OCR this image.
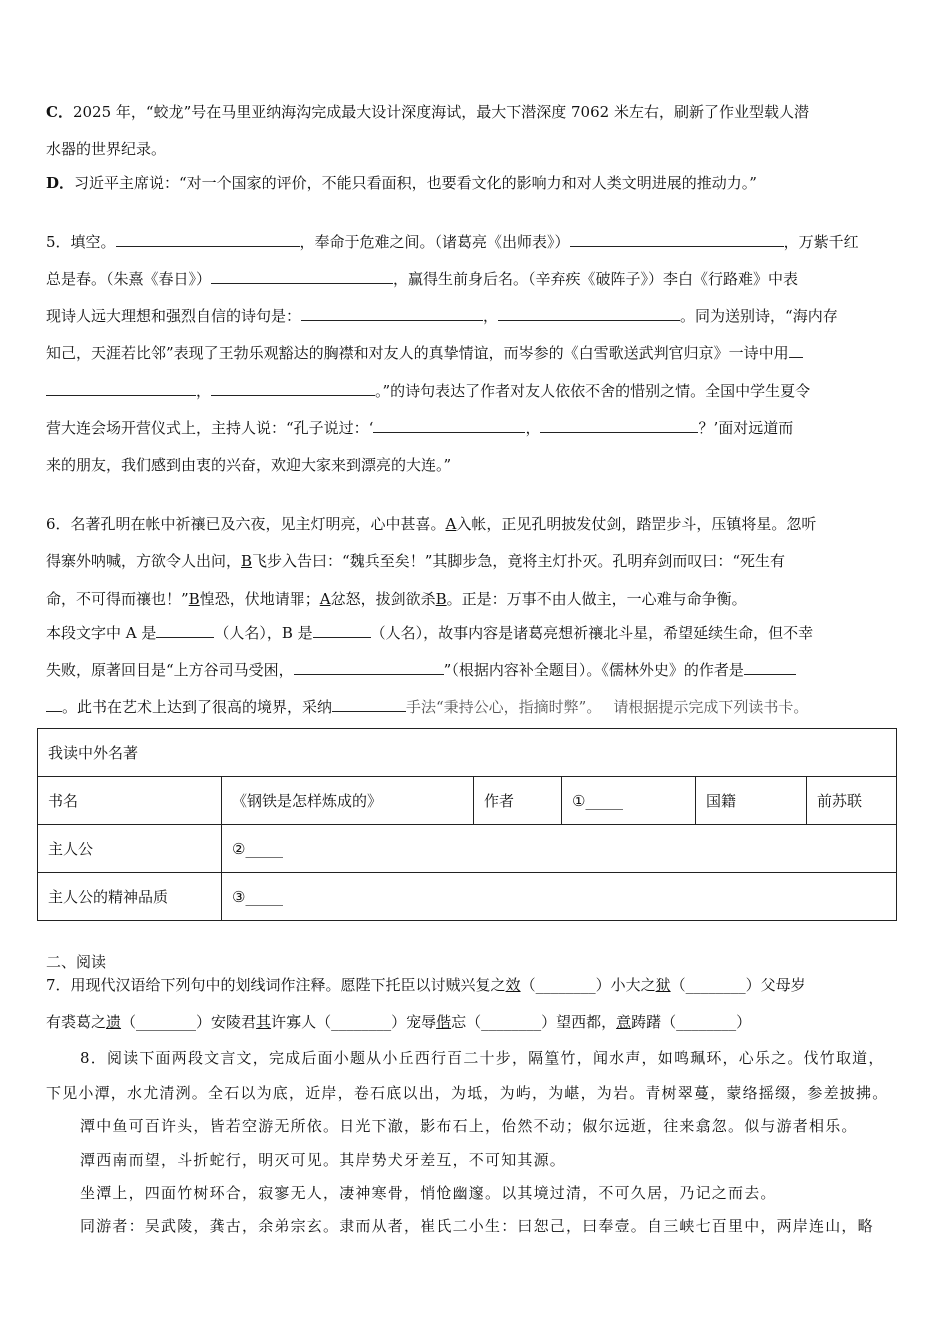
C．2025 年，“蛟龙”号在马里亚纳海沟完成最大设计深度海试，最大下潜深度 7062 米左右，刷新了作业型载人潜
水器的世界纪录。
D．习近平主席说：“对一个国家的评价，不能只看面积，也要看文化的影响力和对人类文明进展的推动力。”
5．填空。	，奉命于危难之间。（诸葛亮《出师表》）	，万紫千红
总是春。（朱熹《春日》）	，赢得生前身后名。（辛弃疾《破阵子》）李白《行路难》中表
现诗人远大理想和强烈自信的诗句是：	，	。同为送别诗，“海内存
知己，天涯若比邻”表现了王勃乐观豁达的胸襟和对友人的真挚情谊，而岑参的《白雪歌送武判官归京》一诗中用
，	。”的诗句表达了作者对友人依依不舍的惜别之情。全国中学生夏令
营大连会场开营仪式上，主持人说：“孔子说过：‘	，	？’面对远道而
来的朋友，我们感到由衷的兴奋，欢迎大家来到漂亮的大连。”
6．名著孔明在帐中祈禳已及六夜，见主灯明亮，心中甚喜。A入帐，正见孔明披发仗剑，踏罡步斗，压镇将星。忽听
得寨外呐喊，方欲令人出问，B飞步入告曰：“魏兵至矣！”其脚步急，竟将主灯扑灭。孔明弃剑而叹曰：“死生有
命，不可得而禳也！”B惶恐，伏地请罪；A忿怒，拔剑欲杀B。正是：万事不由人做主，一心难与命争衡。
本段文字中 A 是	（人名），B 是	（人名），故事内容是诸葛亮想祈禳北斗星，希望延续生命，但不幸
失败，原著回目是“上方谷司马受困，	”（根据内容补全题目）。《儒林外史》的作者是
。此书在艺术上达到了很高的境界，采纳	手法“秉持公心，指摘时弊”。 请根据提示完成下列读书卡。
我读中外名著					
书名	《钢铁是怎样炼成的》	作者	①_____	国籍	前苏联
主人公	②_____				
主人公的精神品质	③_____				
二、阅读
7．用现代汉语给下列句中的划线词作注释。愿陛下托臣以讨贼兴复之效（________）小大之狱（________）父母岁
有裘葛之遗（________）安陵君其许寡人（________）宠辱偕忘（________）望西都，意踌躇（________）
8．阅读下面两段文言文，完成后面小题从小丘西行百二十步，隔篁竹，闻水声，如鸣珮环，心乐之。伐竹取道，
下见小潭，水尤清洌。全石以为底，近岸，卷石底以出，为坻，为屿，为嵁，为岩。青树翠蔓，蒙络摇缀，参差披拂。
潭中鱼可百许头，皆若空游无所依。日光下澈，影布石上，佁然不动；俶尔远逝，往来翕忽。似与游者相乐。
潭西南而望，斗折蛇行，明灭可见。其岸势犬牙差互，不可知其源。
坐潭上，四面竹树环合，寂寥无人，凄神寒骨，悄怆幽邃。以其境过清，不可久居，乃记之而去。
同游者：吴武陵，龚古，余弟宗玄。隶而从者，崔氏二小生：曰恕己，曰奉壹。自三峡七百里中，两岸连山，略
